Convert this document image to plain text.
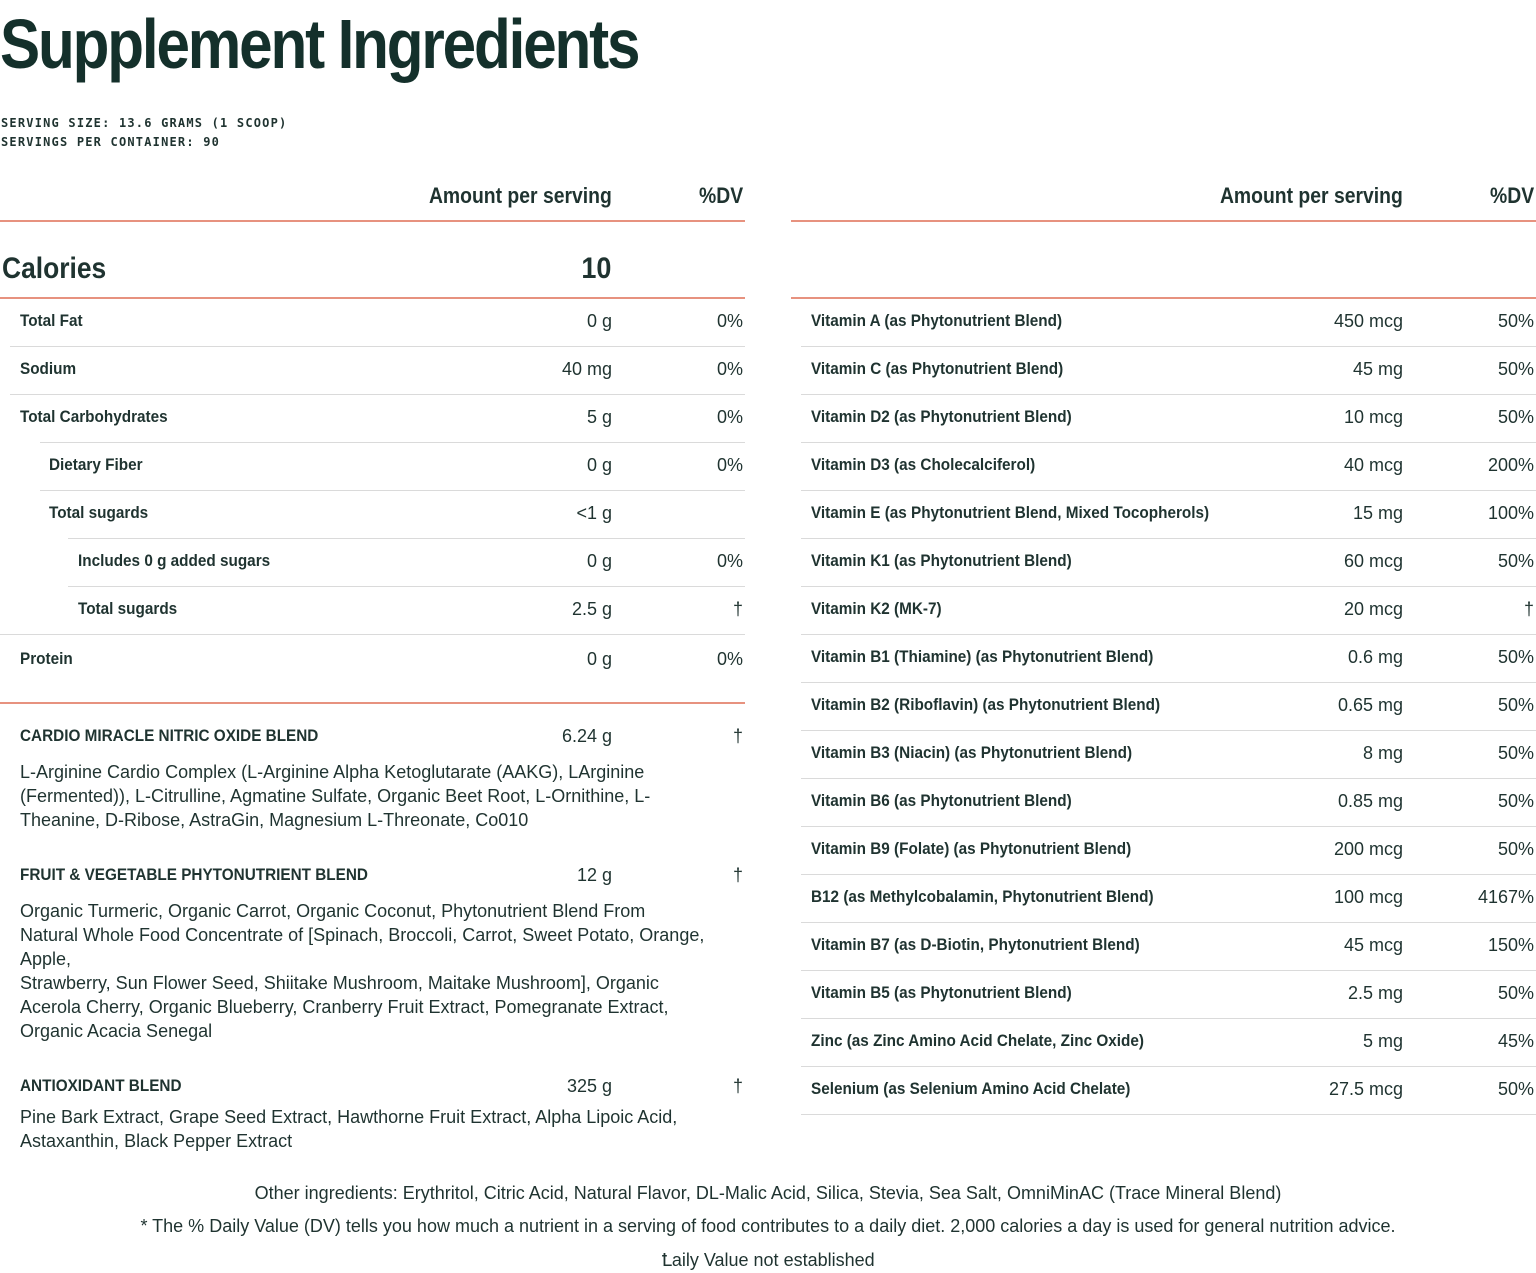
Supplement Ingredients
SERVING SIZE: 13.6 GRAMS (1 SCOOP)
SERVINGS PER CONTAINER: 90
Amount per serving	%DV
Calories	10
Total Fat	0 g	0%
Sodium	40 mg	0%
Total Carbohydrates	5 g	0%
Dietary Fiber	0 g	0%
Total sugards	<1 g
Includes 0 g added sugars	0 g	0%
Total sugards	2.5 g	†
Protein	0 g	0%
CARDIO MIRACLE NITRIC OXIDE BLEND	6.24 g	†
L-Arginine Cardio Complex (L-Arginine Alpha Ketoglutarate (AAKG), LArginine
(Fermented)), L-Citrulline, Agmatine Sulfate, Organic Beet Root, L-Ornithine, L-
Theanine, D-Ribose, AstraGin, Magnesium L-Threonate, Co010
FRUIT & VEGETABLE PHYTONUTRIENT BLEND	12 g	†
Organic Turmeric, Organic Carrot, Organic Coconut, Phytonutrient Blend From
Natural Whole Food Concentrate of [Spinach, Broccoli, Carrot, Sweet Potato, Orange,
Apple,
Strawberry, Sun Flower Seed, Shiitake Mushroom, Maitake Mushroom], Organic
Acerola Cherry, Organic Blueberry, Cranberry Fruit Extract, Pomegranate Extract,
Organic Acacia Senegal
ANTIOXIDANT BLEND	325 g	†
Pine Bark Extract, Grape Seed Extract, Hawthorne Fruit Extract, Alpha Lipoic Acid,
Astaxanthin, Black Pepper Extract
Amount per serving	%DV
Vitamin A (as Phytonutrient Blend)	450 mcg	50%
Vitamin C (as Phytonutrient Blend)	45 mg	50%
Vitamin D2 (as Phytonutrient Blend)	10 mcg	50%
Vitamin D3 (as Cholecalciferol)	40 mcg	200%
Vitamin E (as Phytonutrient Blend, Mixed Tocopherols)	15 mg	100%
Vitamin K1 (as Phytonutrient Blend)	60 mcg	50%
Vitamin K2 (MK-7)	20 mcg	†
Vitamin B1 (Thiamine) (as Phytonutrient Blend)	0.6 mg	50%
Vitamin B2 (Riboflavin) (as Phytonutrient Blend)	0.65 mg	50%
Vitamin B3 (Niacin) (as Phytonutrient Blend)	8 mg	50%
Vitamin B6 (as Phytonutrient Blend)	0.85 mg	50%
Vitamin B9 (Folate) (as Phytonutrient Blend)	200 mcg	50%
B12 (as Methylcobalamin, Phytonutrient Blend)	100 mcg	4167%
Vitamin B7 (as D-Biotin, Phytonutrient Blend)	45 mcg	150%
Vitamin B5 (as Phytonutrient Blend)	2.5 mg	50%
Zinc (as Zinc Amino Acid Chelate, Zinc Oxide)	5 mg	45%
Selenium (as Selenium Amino Acid Chelate)	27.5 mcg	50%
Other ingredients: Erythritol, Citric Acid, Natural Flavor, DL-Malic Acid, Silica, Stevia, Sea Salt, OmniMinAC (Trace Mineral Blend)
* The % Daily Value (DV) tells you how much a nutrient in a serving of food contributes to a daily diet. 2,000 calories a day is used for general nutrition advice.
Ꝉaily Value not established
